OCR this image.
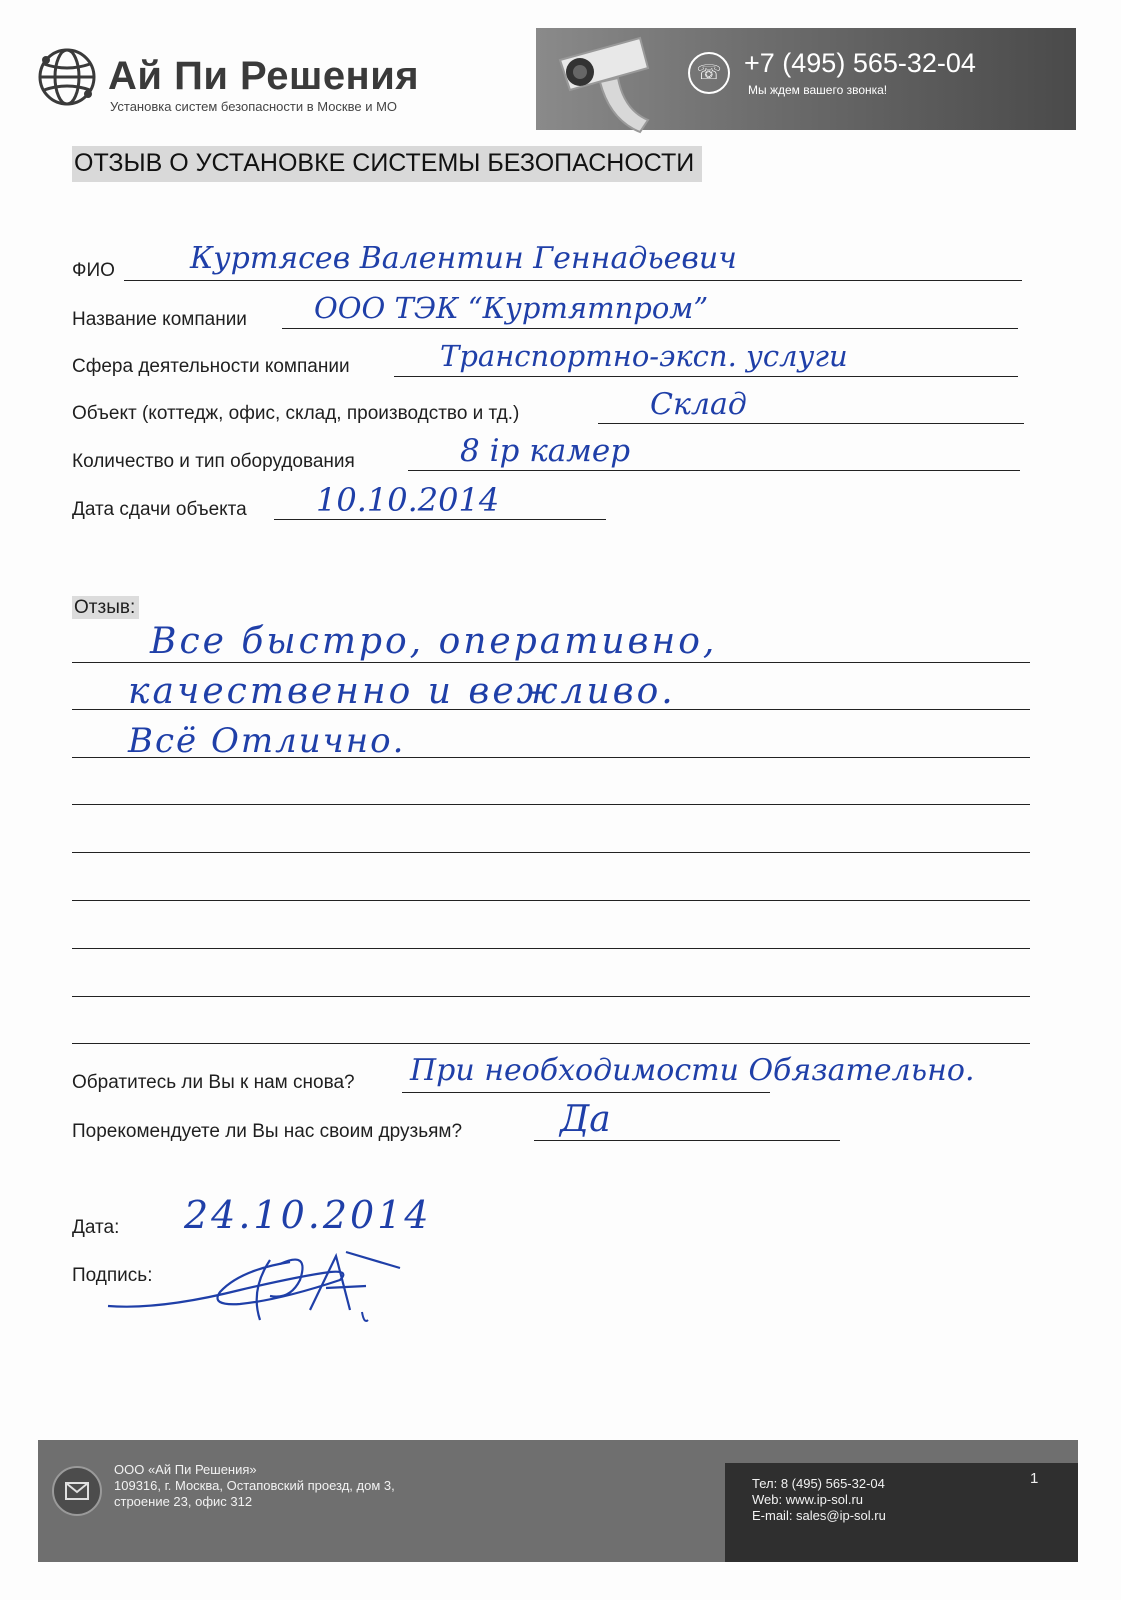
Ай Пи Решения
Установка систем безопасности в Москве и МО
☏ +7 (495) 565-32-04
Мы ждем вашего звонка!
ОТЗЫВ О УСТАНОВКЕ СИСТЕМЫ БЕЗОПАСНОСТИ
ФИО	Куртясев Валентин Геннадьевич
Название компании ООО ТЭК “Куртятпром”
Сфера деятельности компании	Транспортно-эксп. услуги
Объект (коттедж, офис, склад, производство и тд.)	Склад
Количество и тип оборудования	8 ip камер
Дата сдачи объекта 10.10.2014
Отзыв:
Все быстро, оперативно,
качественно и вежливо.
Всё Отлично.
Обратитесь ли Вы к нам снова? При необходимости Обязательно.
Порекомендуете ли Вы нас своим друзьям?	Да
Дата: 24.10.2014
Подпись:
ООО «Ай Пи Решения»
109316, г. Москва, Остаповский проезд, дом 3,
строение 23, офис 312
Тел: 8 (495) 565-32-04
Web: www.ip-sol.ru
E-mail: sales@ip-sol.ru
1
